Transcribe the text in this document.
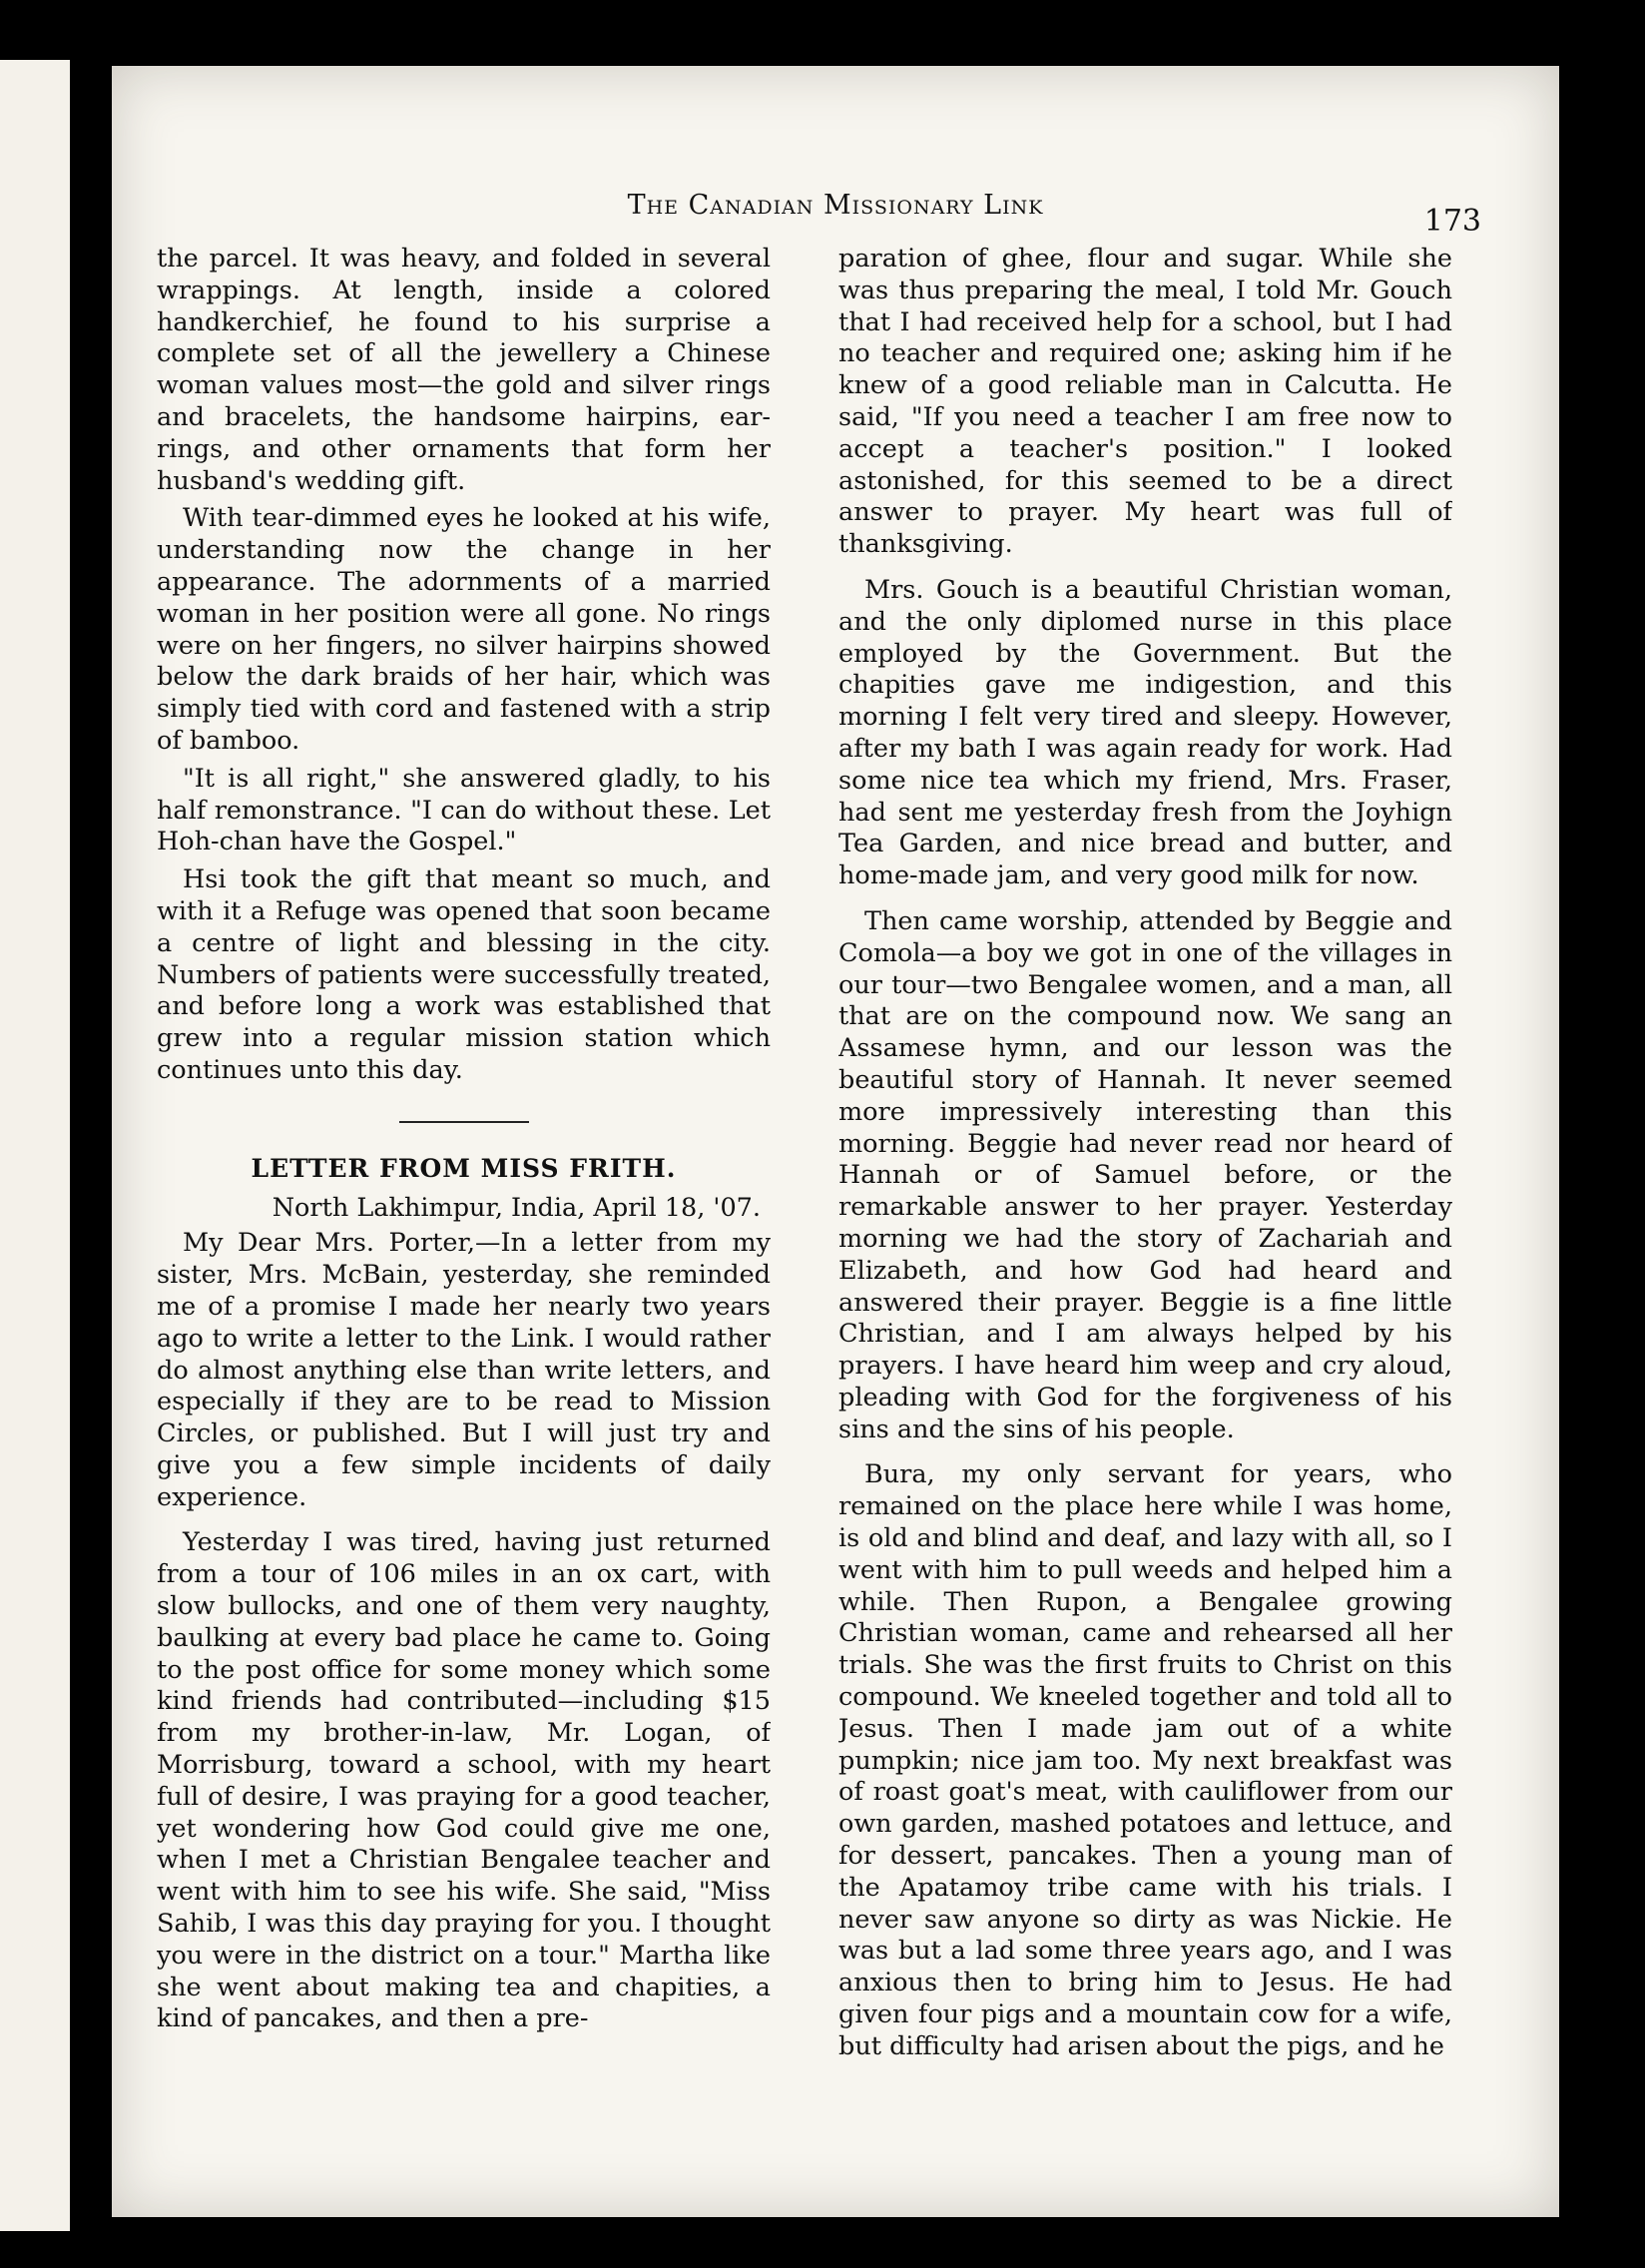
The Canadian Missionary Link	173

the parcel. It was heavy, and folded in several wrappings. At length, inside a colored handkerchief, he found to his surprise a complete set of all the jewellery a Chinese woman values most—the gold and silver rings and bracelets, the handsome hairpins, ear-rings, and other ornaments that form her husband's wedding gift.

With tear-dimmed eyes he looked at his wife, understanding now the change in her appearance. The adornments of a married woman in her position were all gone. No rings were on her fingers, no silver hairpins showed below the dark braids of her hair, which was simply tied with cord and fastened with a strip of bamboo.

"It is all right," she answered gladly, to his half remonstrance. "I can do without these. Let Hoh-chan have the Gospel."

Hsi took the gift that meant so much, and with it a Refuge was opened that soon became a centre of light and blessing in the city. Numbers of patients were successfully treated, and before long a work was established that grew into a regular mission station which continues unto this day.

LETTER FROM MISS FRITH.
North Lakhimpur, India, April 18, '07.

My Dear Mrs. Porter,—In a letter from my sister, Mrs. McBain, yesterday, she reminded me of a promise I made her nearly two years ago to write a letter to the Link. I would rather do almost anything else than write letters, and especially if they are to be read to Mission Circles, or published. But I will just try and give you a few simple incidents of daily experience.

Yesterday I was tired, having just returned from a tour of 106 miles in an ox cart, with slow bullocks, and one of them very naughty, baulking at every bad place he came to. Going to the post office for some money which some kind friends had contributed—including $15 from my brother-in-law, Mr. Logan, of Morrisburg, toward a school, with my heart full of desire, I was praying for a good teacher, yet wondering how God could give me one, when I met a Christian Bengalee teacher and went with him to see his wife. She said, "Miss Sahib, I was this day praying for you. I thought you were in the district on a tour." Martha like she went about making tea and chapities, a kind of pancakes, and then a pre-

paration of ghee, flour and sugar. While she was thus preparing the meal, I told Mr. Gouch that I had received help for a school, but I had no teacher and required one; asking him if he knew of a good reliable man in Calcutta. He said, "If you need a teacher I am free now to accept a teacher's position." I looked astonished, for this seemed to be a direct answer to prayer. My heart was full of thanksgiving.

Mrs. Gouch is a beautiful Christian woman, and the only diplomed nurse in this place employed by the Government. But the chapities gave me indigestion, and this morning I felt very tired and sleepy. However, after my bath I was again ready for work. Had some nice tea which my friend, Mrs. Fraser, had sent me yesterday fresh from the Joyhign Tea Garden, and nice bread and butter, and home-made jam, and very good milk for now.

Then came worship, attended by Beggie and Comola—a boy we got in one of the villages in our tour—two Bengalee women, and a man, all that are on the compound now. We sang an Assamese hymn, and our lesson was the beautiful story of Hannah. It never seemed more impressively interesting than this morning. Beggie had never read nor heard of Hannah or of Samuel before, or the remarkable answer to her prayer. Yesterday morning we had the story of Zachariah and Elizabeth, and how God had heard and answered their prayer. Beggie is a fine little Christian, and I am always helped by his prayers. I have heard him weep and cry aloud, pleading with God for the forgiveness of his sins and the sins of his people.

Bura, my only servant for years, who remained on the place here while I was home, is old and blind and deaf, and lazy with all, so I went with him to pull weeds and helped him a while. Then Rupon, a Bengalee growing Christian woman, came and rehearsed all her trials. She was the first fruits to Christ on this compound. We kneeled together and told all to Jesus. Then I made jam out of a white pumpkin; nice jam too. My next breakfast was of roast goat's meat, with cauliflower from our own garden, mashed potatoes and lettuce, and for dessert, pancakes. Then a young man of the Apatamoy tribe came with his trials. I never saw anyone so dirty as was Nickie. He was but a lad some three years ago, and I was anxious then to bring him to Jesus. He had given four pigs and a mountain cow for a wife, but difficulty had arisen about the pigs, and he
